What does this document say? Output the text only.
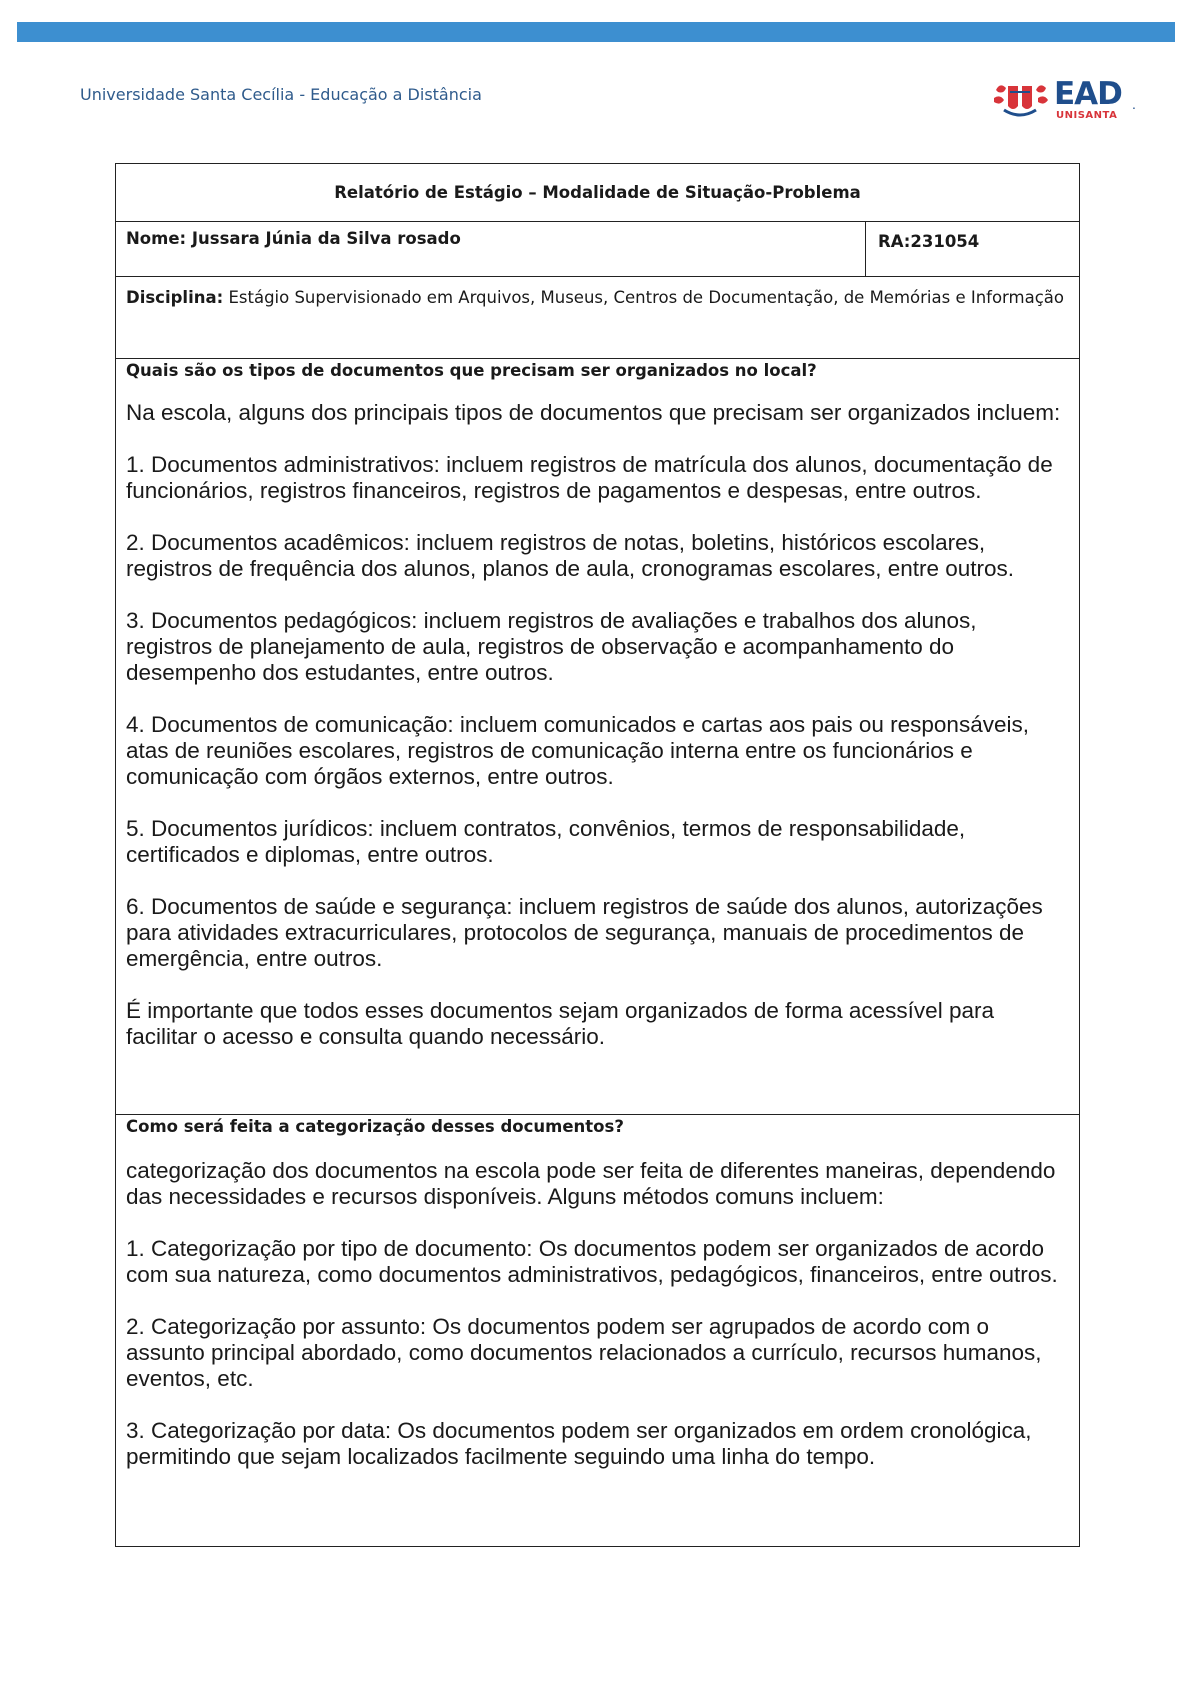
Universidade Santa Cecília - Educação a Distância	EAD
UNISANTA
.
Relatório de Estágio – Modalidade de Situação-Problema
Nome: Jussara Júnia da Silva rosado	RA:231054
Disciplina: Estágio Supervisionado em Arquivos, Museus, Centros de Documentação, de Memórias e Informação
Quais são os tipos de documentos que precisam ser organizados no local?

Na escola, alguns dos principais tipos de documentos que precisam ser organizados incluem:

1. Documentos administrativos: incluem registros de matrícula dos alunos, documentação de funcionários, registros financeiros, registros de pagamentos e despesas, entre outros.

2. Documentos acadêmicos: incluem registros de notas, boletins, históricos escolares, registros de frequência dos alunos, planos de aula, cronogramas escolares, entre outros.

3. Documentos pedagógicos: incluem registros de avaliações e trabalhos dos alunos, registros de planejamento de aula, registros de observação e acompanhamento do desempenho dos estudantes, entre outros.

4. Documentos de comunicação: incluem comunicados e cartas aos pais ou responsáveis, atas de reuniões escolares, registros de comunicação interna entre os funcionários e comunicação com órgãos externos, entre outros.

5. Documentos jurídicos: incluem contratos, convênios, termos de responsabilidade, certificados e diplomas, entre outros.

6. Documentos de saúde e segurança: incluem registros de saúde dos alunos, autorizações para atividades extracurriculares, protocolos de segurança, manuais de procedimentos de emergência, entre outros.

É importante que todos esses documentos sejam organizados de forma acessível para facilitar o acesso e consulta quando necessário.

Como será feita a categorização desses documentos?

categorização dos documentos na escola pode ser feita de diferentes maneiras, dependendo das necessidades e recursos disponíveis. Alguns métodos comuns incluem:

1. Categorização por tipo de documento: Os documentos podem ser organizados de acordo com sua natureza, como documentos administrativos, pedagógicos, financeiros, entre outros.

2. Categorização por assunto: Os documentos podem ser agrupados de acordo com o assunto principal abordado, como documentos relacionados a currículo, recursos humanos, eventos, etc.

3. Categorização por data: Os documentos podem ser organizados em ordem cronológica, permitindo que sejam localizados facilmente seguindo uma linha do tempo.
